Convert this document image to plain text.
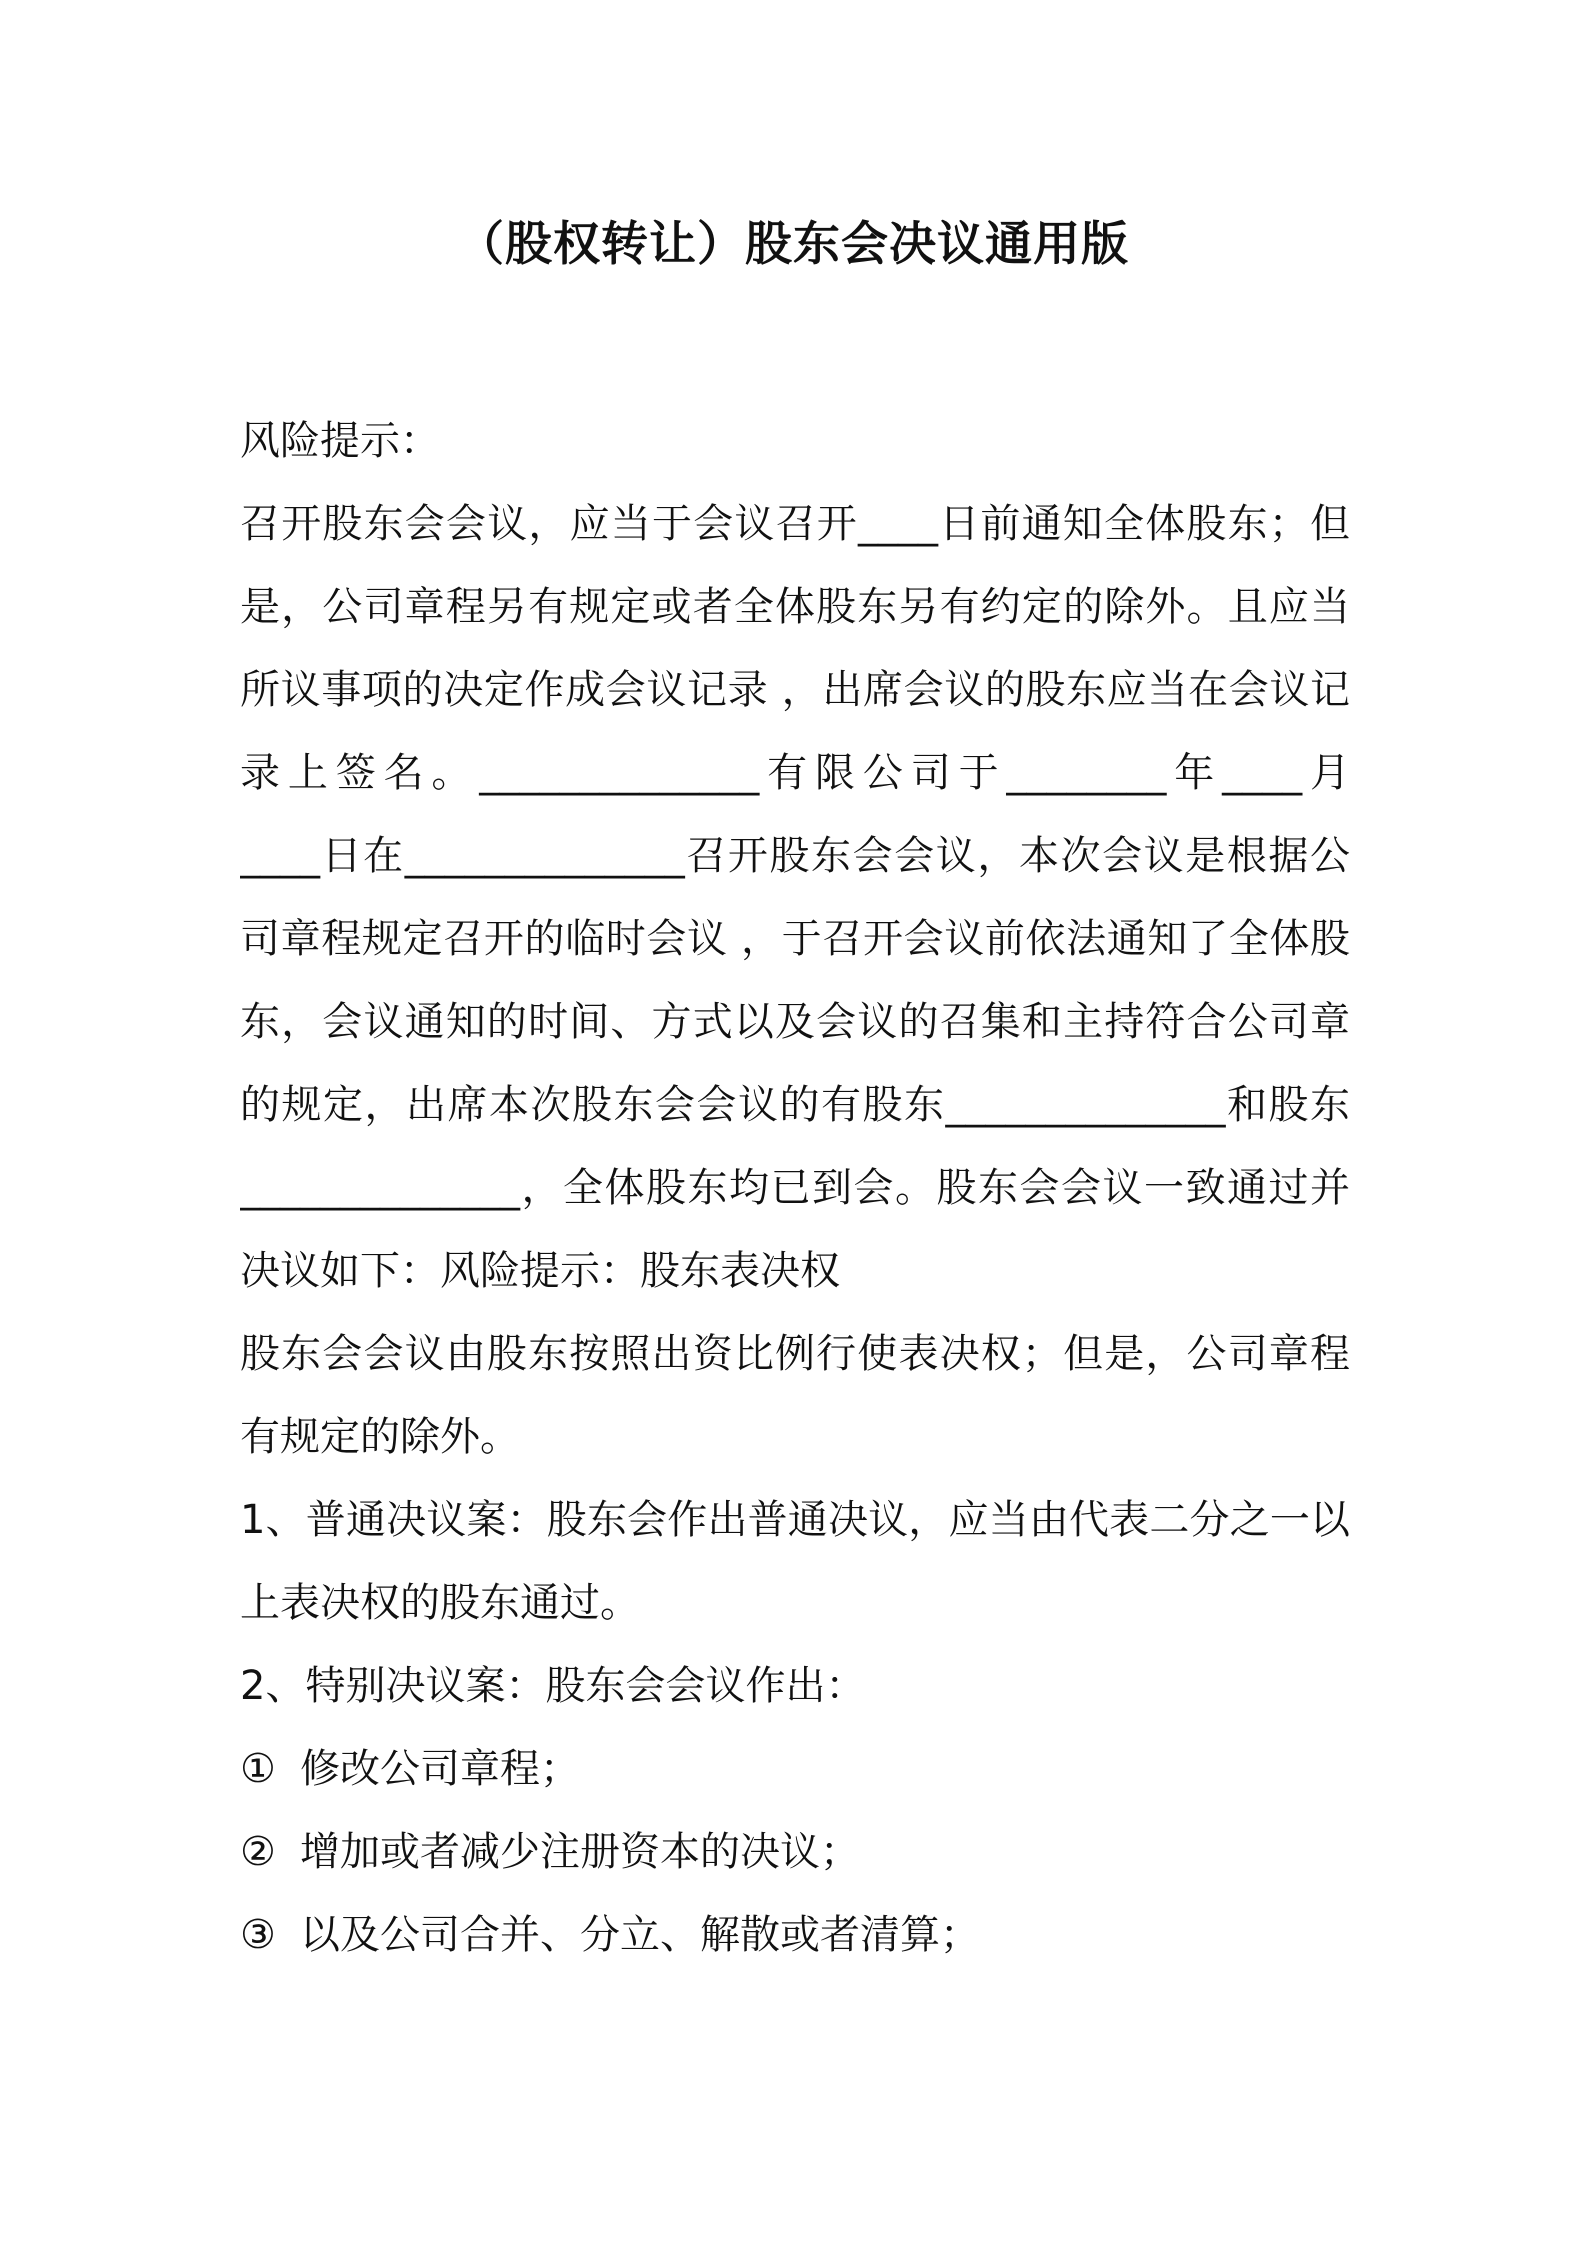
（股权转让）股东会决议通用版
风险提示：
召开股东会会议，应当于会议召开____日前通知全体股东；但
是，公司章程另有规定或者全体股东另有约定的除外。且应当
所议事项的决定作成会议记录 ，出席会议的股东应当在会议记
录上签名。______________有限公司于________年____月
____日在______________召开股东会会议，本次会议是根据公
司章程规定召开的临时会议 ，于召开会议前依法通知了全体股
东，会议通知的时间、方式以及会议的召集和主持符合公司章
的规定，出席本次股东会会议的有股东______________和股东
______________，全体股东均已到会。股东会会议一致通过并
决议如下：风险提示：股东表决权
股东会会议由股东按照出资比例行使表决权；但是，公司章程
有规定的除外。
1、普通决议案：股东会作出普通决议，应当由代表二分之一以
上表决权的股东通过。
2、特别决议案：股东会会议作出：
① 修改公司章程；
② 增加或者减少注册资本的决议；
③ 以及公司合并、分立、解散或者清算；
